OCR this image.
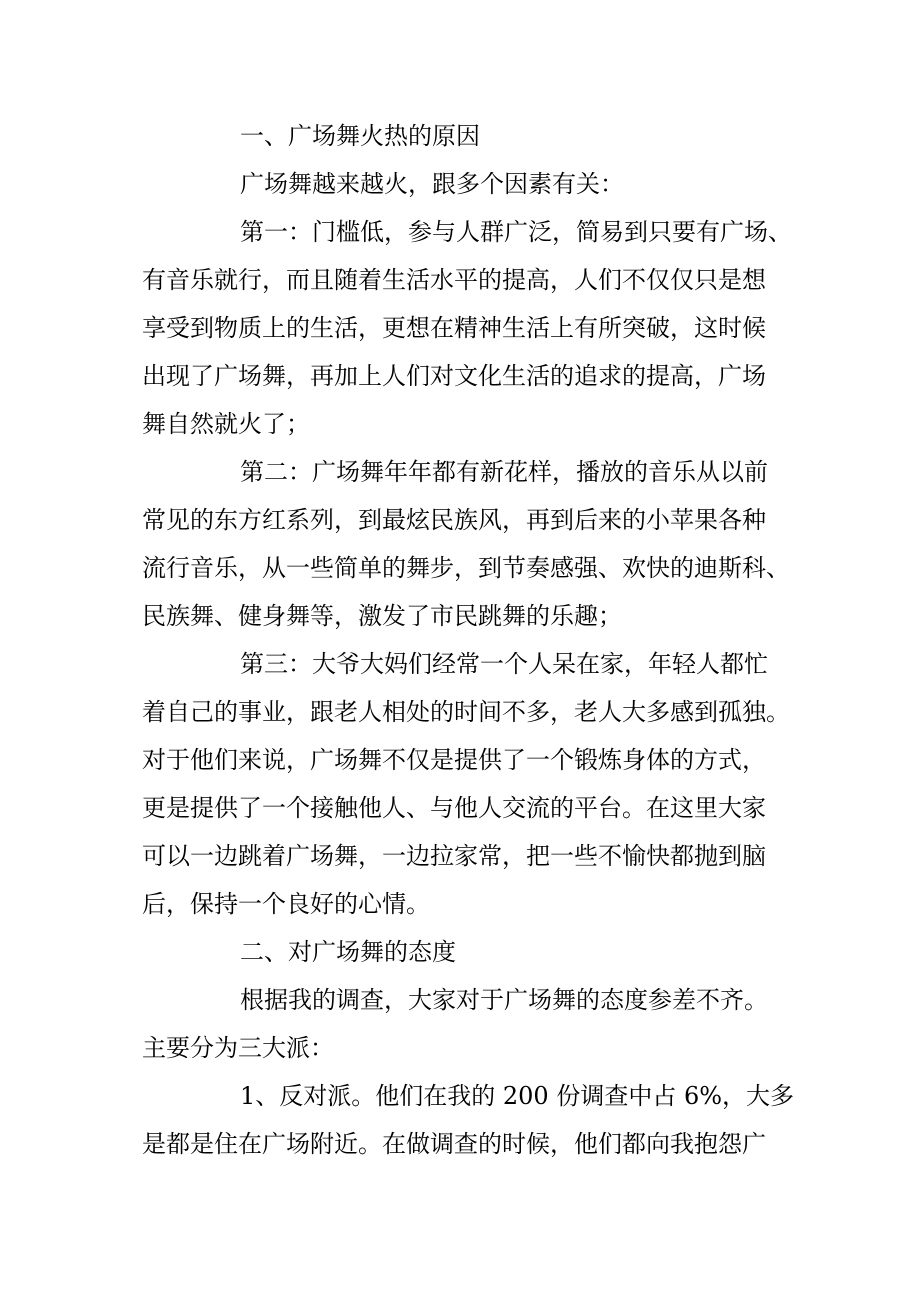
一、广场舞火热的原因
广场舞越来越火，跟多个因素有关：
第一：门槛低，参与人群广泛，简易到只要有广场、
有音乐就行，而且随着生活水平的提高，人们不仅仅只是想
享受到物质上的生活，更想在精神生活上有所突破，这时候
出现了广场舞，再加上人们对文化生活的追求的提高，广场
舞自然就火了；
第二：广场舞年年都有新花样，播放的音乐从以前
常见的东方红系列，到最炫民族风，再到后来的小苹果各种
流行音乐，从一些简单的舞步，到节奏感强、欢快的迪斯科、
民族舞、健身舞等，激发了市民跳舞的乐趣；
第三：大爷大妈们经常一个人呆在家，年轻人都忙
着自己的事业，跟老人相处的时间不多，老人大多感到孤独。
对于他们来说，广场舞不仅是提供了一个锻炼身体的方式，
更是提供了一个接触他人、与他人交流的平台。在这里大家
可以一边跳着广场舞，一边拉家常，把一些不愉快都抛到脑
后，保持一个良好的心情。
二、对广场舞的态度
根据我的调查，大家对于广场舞的态度参差不齐。
主要分为三大派：
1、反对派。他们在我的 200 份调查中占 6%，大多
是都是住在广场附近。在做调查的时候，他们都向我抱怨广
